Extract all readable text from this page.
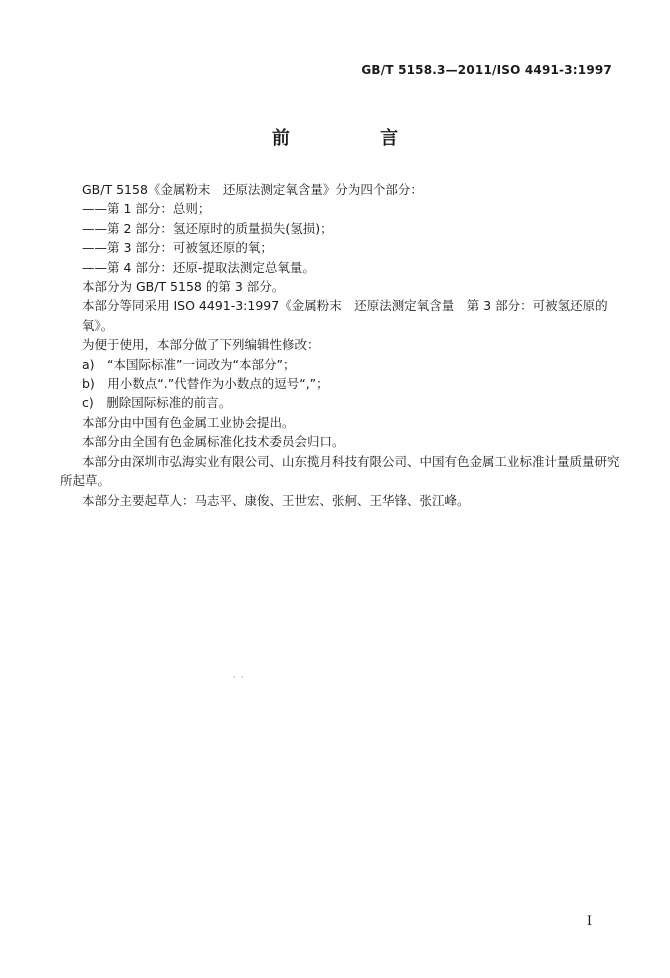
GB/T 5158.3—2011/ISO 4491-3:1997
前 言

GB/T 5158《金属粉末　还原法测定氧含量》分为四个部分：

——第 1 部分：总则；

——第 2 部分：氢还原时的质量损失(氢损)；

——第 3 部分：可被氢还原的氧；

——第 4 部分：还原-提取法测定总氧量。

本部分为 GB/T 5158 的第 3 部分。

本部分等同采用 ISO 4491-3:1997《金属粉末　还原法测定氧含量　第 3 部分：可被氢还原的氧》。

为便于使用，本部分做了下列编辑性修改：

a)　“本国际标准”一词改为“本部分”；

b)　用小数点“.”代替作为小数点的逗号“,”；

c)　删除国际标准的前言。

本部分由中国有色金属工业协会提出。

本部分由全国有色金属标准化技术委员会归口。

本部分由深圳市弘海实业有限公司、山东揽月科技有限公司、中国有色金属工业标准计量质量研究

所起草。

本部分主要起草人：马志平、康俊、王世宏、张舸、王华锋、张江峰。

I
